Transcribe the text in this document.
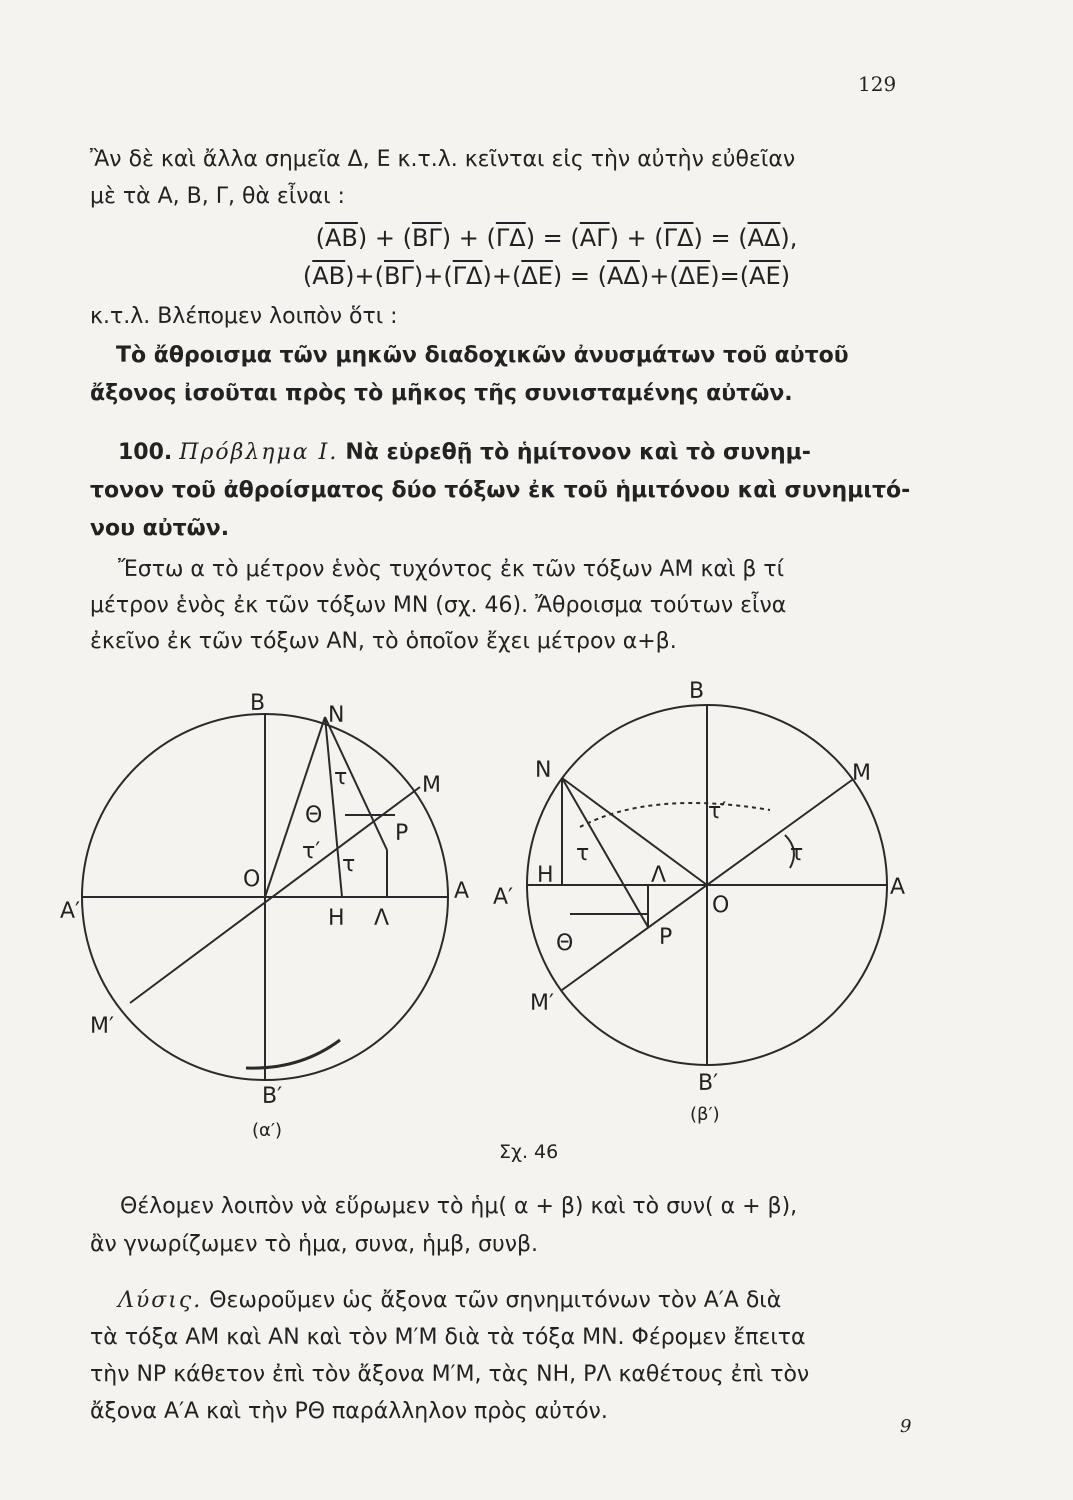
129
Ἂν δὲ καὶ ἄλλα σημεῖα Δ, Ε κ.τ.λ. κεῖνται εἰς τὴν αὐτὴν εὐθεῖαν
μὲ τὰ Α, Β, Γ, θὰ εἶναι :
$(\overline{AB}) + (\overline{B\Gamma}) + (\overline{\Gamma\Delta}) = (\overline{A\Gamma}) + (\overline{\Gamma\Delta}) = (\overline{A\Delta})$,
$(\overline{AB})+(\overline{B\Gamma})+(\overline{\Gamma\Delta})+(\overline{\Delta E}) = (\overline{A\Delta})+(\overline{\Delta E})=(\overline{AE})$
κ.τ.λ. Βλέπομεν λοιπὸν ὅτι :
Τὸ ἄθροισμα τῶν μηκῶν διαδοχικῶν ἀνυσμάτων τοῦ αὐτοῦ
ἄξονος ἰσοῦται πρὸς τὸ μῆκος τῆς συνισταμένης αὐτῶν.
100. Πρόβλημα Ι. Νὰ εὑρεθῇ τὸ ἡμίτονον καὶ τὸ συνημ-
τονον τοῦ ἀθροίσματος δύο τόξων ἐκ τοῦ ἡμιτόνου καὶ συνημιτό-
νου αὐτῶν.
Ἔστω α τὸ μέτρον ἑνὸς τυχόντος ἐκ τῶν τόξων ΑΜ καὶ β τί
μέτρον ἑνὸς ἐκ τῶν τόξων ΜΝ (σχ. 46). Ἄθροισμα τούτων εἶνα
ἐκεῖνο ἐκ τῶν τόξων ΑΝ, τὸ ὁποῖον ἔχει μέτρον α+β.
Β	Ν
Μ
τ
Θ
τ′
Ρ
τ
Ο	Α
Α′	Η Λ
Μ′
Β′
(α′)
Β
Ν	Μ
τ′
τ	τ
Η	Λ
Α′	Ο
Α
Θ	Ρ
Μ′
Β′
(β′)
Σχ. 46
Θέλομεν λοιπὸν νὰ εὕρωμεν τὸ ἡμ( α + β) καὶ τὸ συν( α + β),
ἂν γνωρίζωμεν τὸ ἡμα, συνα, ἡμβ, συνβ.
Λύσις. Θεωροῦμεν ὡς ἄξονα τῶν σηνημιτόνων τὸν Α′Α διὰ
τὰ τόξα ΑΜ καὶ ΑΝ καὶ τὸν Μ′Μ διὰ τὰ τόξα ΜΝ. Φέρομεν ἔπειτα
τὴν ΝΡ κάθετον ἐπὶ τὸν ἄξονα Μ′Μ, τὰς ΝΗ, ΡΛ καθέτους ἐπὶ τὸν
ἄξονα Α′Α καὶ τὴν ΡΘ παράλληλον πρὸς αὐτόν.
9
